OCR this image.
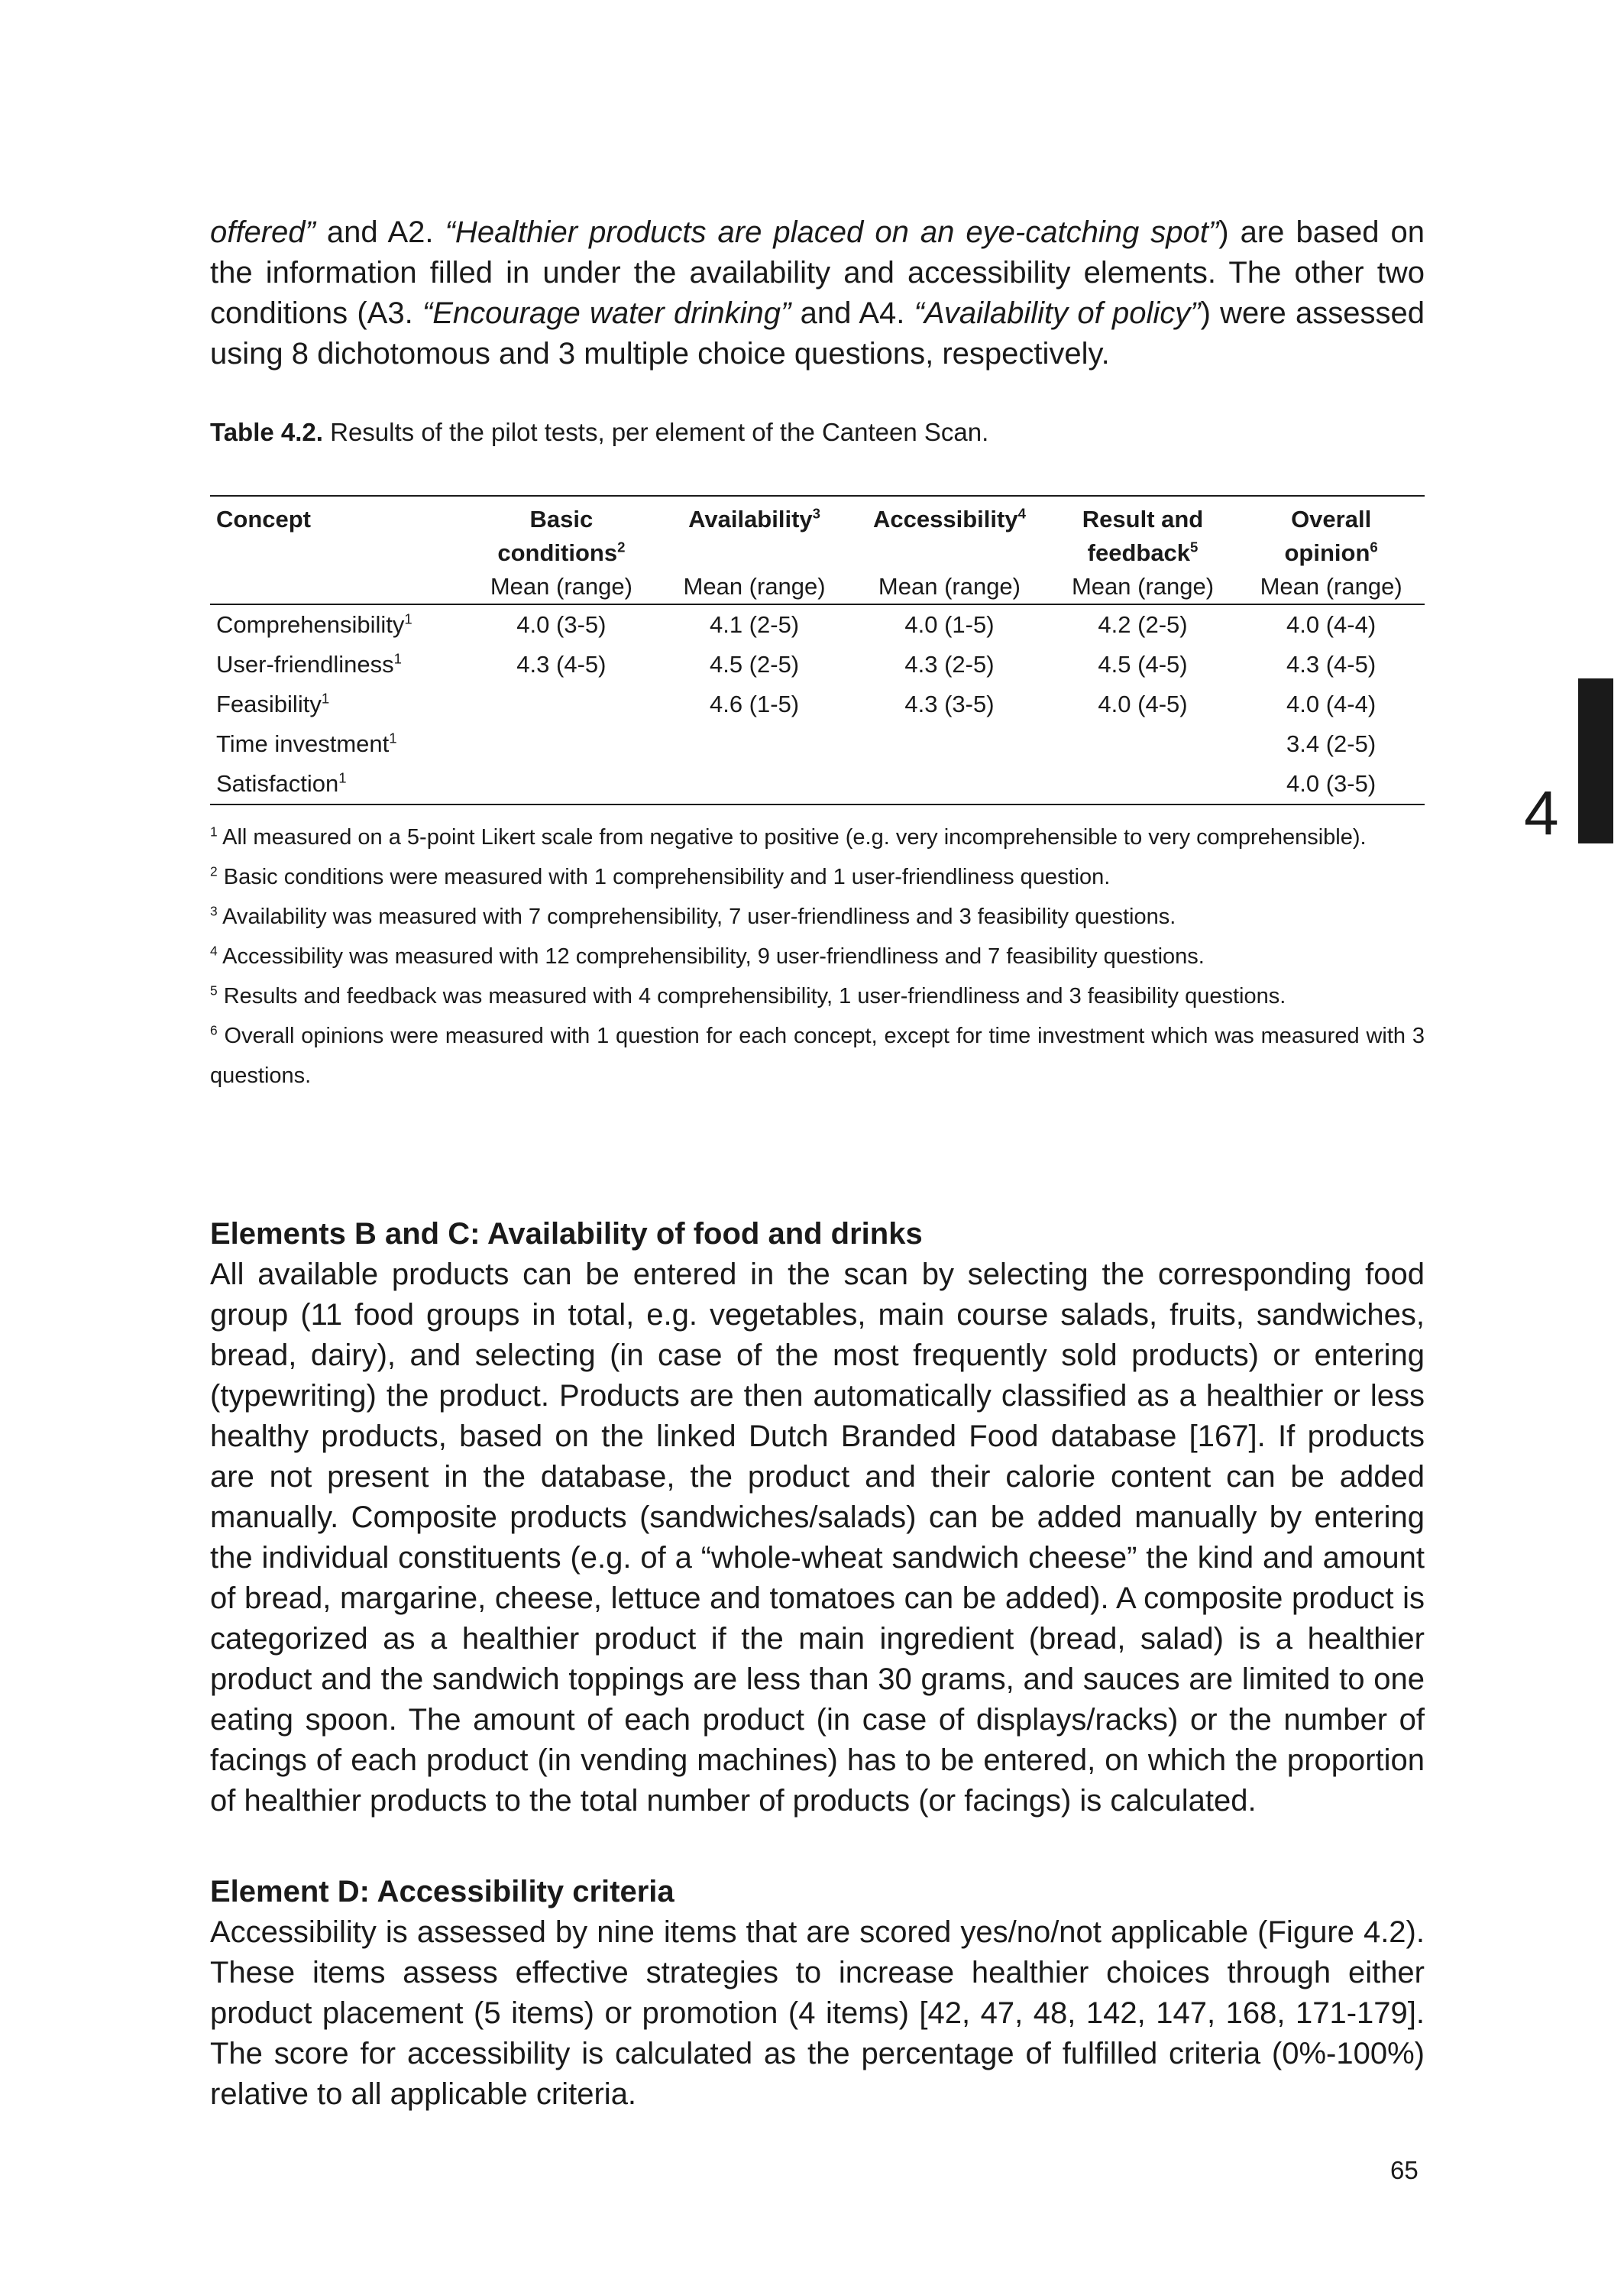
offered” and A2. “Healthier products are placed on an eye-catching spot”) are based on the information filled in under the availability and accessibility elements. The other two conditions (A3. “Encourage water drinking” and A4. “Availability of policy”) were assessed using 8 dichotomous and 3 multiple choice questions, respectively.

Table 4.2. Results of the pilot tests, per element of the Canteen Scan.
Concept	Basic	Availability$^3$	Accessibility$^4$	Result and	Overall
	conditions$^2$			feedback$^5$	opinion$^6$
	Mean (range)	Mean (range)	Mean (range)	Mean (range)	Mean (range)
Comprehensibility$^1$	4.0 (3-5)	4.1 (2-5)	4.0 (1-5)	4.2 (2-5)	4.0 (4-4)
User-friendliness$^1$	4.3 (4-5)	4.5 (2-5)	4.3 (2-5)	4.5 (4-5)	4.3 (4-5)
Feasibility$^1$		4.6 (1-5)	4.3 (3-5)	4.0 (4-5)	4.0 (4-4)
Time investment$^1$					3.4 (2-5)
Satisfaction$^1$					4.0 (3-5)

$^1$ All measured on a 5-point Likert scale from negative to positive (e.g. very incomprehensible to very comprehensible).

$^2$ Basic conditions were measured with 1 comprehensibility and 1 user-friendliness question.

$^3$ Availability was measured with 7 comprehensibility, 7 user-friendliness and 3 feasibility questions.

$^4$ Accessibility was measured with 12 comprehensibility, 9 user-friendliness and 7 feasibility questions.

$^5$ Results and feedback was measured with 4 comprehensibility, 1 user-friendliness and 3 feasibility questions.

$^6$ Overall opinions were measured with 1 question for each concept, except for time investment which was measured with 3 questions.

Elements B and C: Availability of food and drinks

All available products can be entered in the scan by selecting the corresponding food group (11 food groups in total, e.g. vegetables, main course salads, fruits, sandwiches, bread, dairy), and selecting (in case of the most frequently sold products) or entering (typewriting) the product. Products are then automatically classified as a healthier or less healthy products, based on the linked Dutch Branded Food database [167]. If products are not present in the database, the product and their calorie content can be added manually. Composite products (sandwiches/salads) can be added manually by entering the individual constituents (e.g. of a “whole-wheat sandwich cheese” the kind and amount of bread, margarine, cheese, lettuce and tomatoes can be added). A composite product is categorized as a healthier product if the main ingredient (bread, salad) is a healthier product and the sandwich toppings are less than 30 grams, and sauces are limited to one eating spoon. The amount of each product (in case of displays/racks) or the number of facings of each product (in vending machines) has to be entered, on which the proportion of healthier products to the total number of products (or facings) is calculated.

Element D: Accessibility criteria

Accessibility is assessed by nine items that are scored yes/no/not applicable (Figure 4.2). These items assess effective strategies to increase healthier choices through either product placement (5 items) or promotion (4 items) [42, 47, 48, 142, 147, 168, 171-179]. The score for accessibility is calculated as the percentage of fulfilled criteria (0%-100%) relative to all applicable criteria.

4
65
